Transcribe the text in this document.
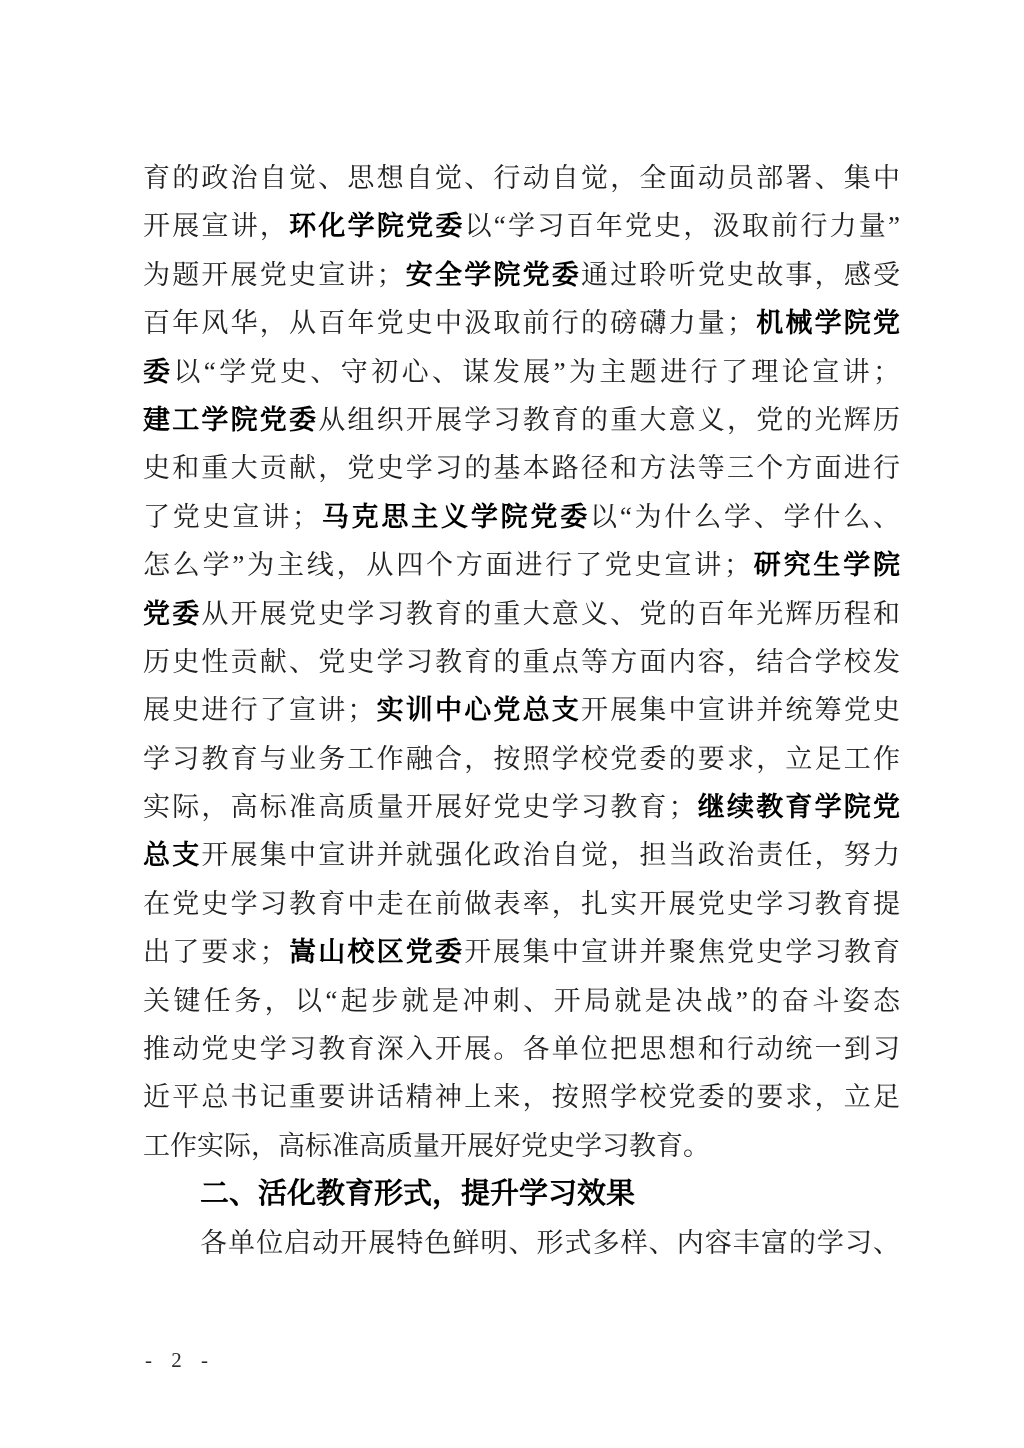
育的政治自觉、思想自觉、行动自觉，全面动员部署、集中
开展宣讲，环化学院党委以“学习百年党史，汲取前行力量”
为题开展党史宣讲；安全学院党委通过聆听党史故事，感受
百年风华，从百年党史中汲取前行的磅礴力量；机械学院党
委以“学党史、守初心、谋发展”为主题进行了理论宣讲；
建工学院党委从组织开展学习教育的重大意义，党的光辉历
史和重大贡献，党史学习的基本路径和方法等三个方面进行
了党史宣讲；马克思主义学院党委以“为什么学、学什么、
怎么学”为主线，从四个方面进行了党史宣讲；研究生学院
党委从开展党史学习教育的重大意义、党的百年光辉历程和
历史性贡献、党史学习教育的重点等方面内容，结合学校发
展史进行了宣讲；实训中心党总支开展集中宣讲并统筹党史
学习教育与业务工作融合，按照学校党委的要求，立足工作
实际，高标准高质量开展好党史学习教育；继续教育学院党
总支开展集中宣讲并就强化政治自觉，担当政治责任，努力
在党史学习教育中走在前做表率，扎实开展党史学习教育提
出了要求；嵩山校区党委开展集中宣讲并聚焦党史学习教育
关键任务，以“起步就是冲刺、开局就是决战”的奋斗姿态
推动党史学习教育深入开展。各单位把思想和行动统一到习
近平总书记重要讲话精神上来，按照学校党委的要求，立足
工作实际，高标准高质量开展好党史学习教育。
二、活化教育形式，提升学习效果
各单位启动开展特色鲜明、形式多样、内容丰富的学习、
- 2 -
